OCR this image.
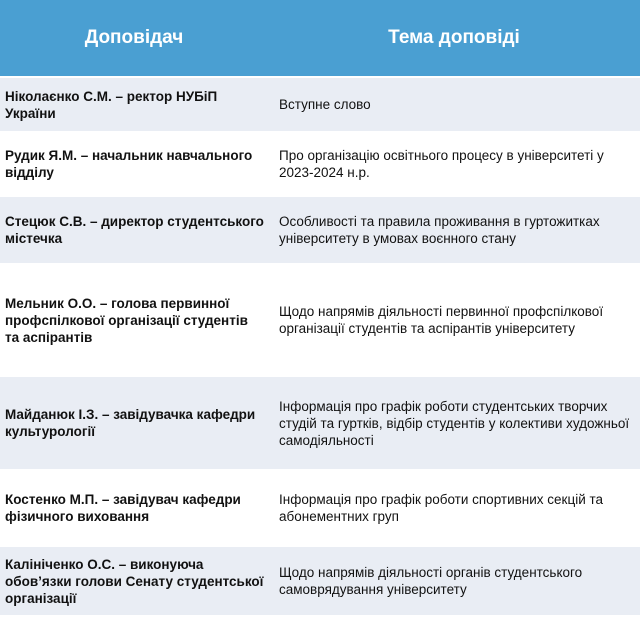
Доповідач	Тема доповіді
Ніколаєнко С.М. – ректор НУБіП України	Вступне слово
Рудик Я.М. – начальник навчального відділу	Про організацію освітнього процесу в університеті у 2023-2024 н.р.
Стецюк С.В. – директор студентського містечка	Особливості та правила проживання в гуртожитках університету в умовах воєнного стану
Мельник О.О. – голова первинної профспілкової організації студентів та аспірантів	Щодо напрямів діяльності первинної профспілкової організації студентів та аспірантів університету
Майданюк І.З. – завідувачка кафедри культурології	Інформація про графік роботи студентських творчих студій та гуртків, відбір студентів у колективи художньої самодіяльності
Костенко М.П. – завідувач кафедри фізичного виховання	Інформація про графік роботи спортивних секцій та абонементних груп
Калініченко О.С. – виконуюча обов’язки голови Сенату студентської організації	Щодо напрямів діяльності органів студентського самоврядування університету
